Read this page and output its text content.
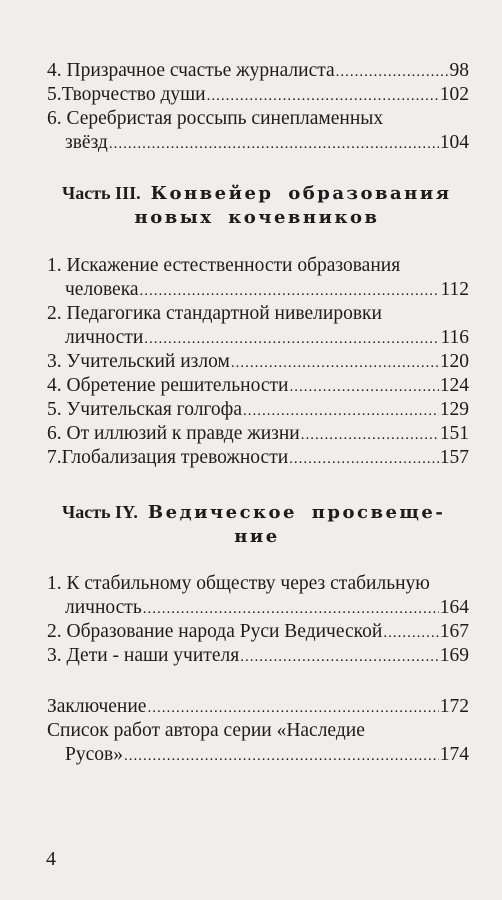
4. Призрачное счастье журналиста .....	98
5.Творчество души .....	102
6. Серебристая россыпь синепламенных
звёзд .....	104
Часть III. Конвейер образования
новых кочевников
1. Искажение естественности образования
человека .....	112
2. Педагогика стандартной нивелировки
личности .....	116
3. Учительский излом .....	120
4. Обретение решительности .....	124
5. Учительская голгофа .....	129
6. От иллюзий к правде жизни .....	151
7.Глобализация тревожности .....	157
Часть IY. Ведическое просвеще-
ние
1. К стабильному обществу через стабильную
личность .....	164
2. Образование народа Руси Ведической .....	167
3. Дети - наши учителя .....	169
Заключение .....	172
Список работ автора серии «Наследие
Русов» .....	174
4
